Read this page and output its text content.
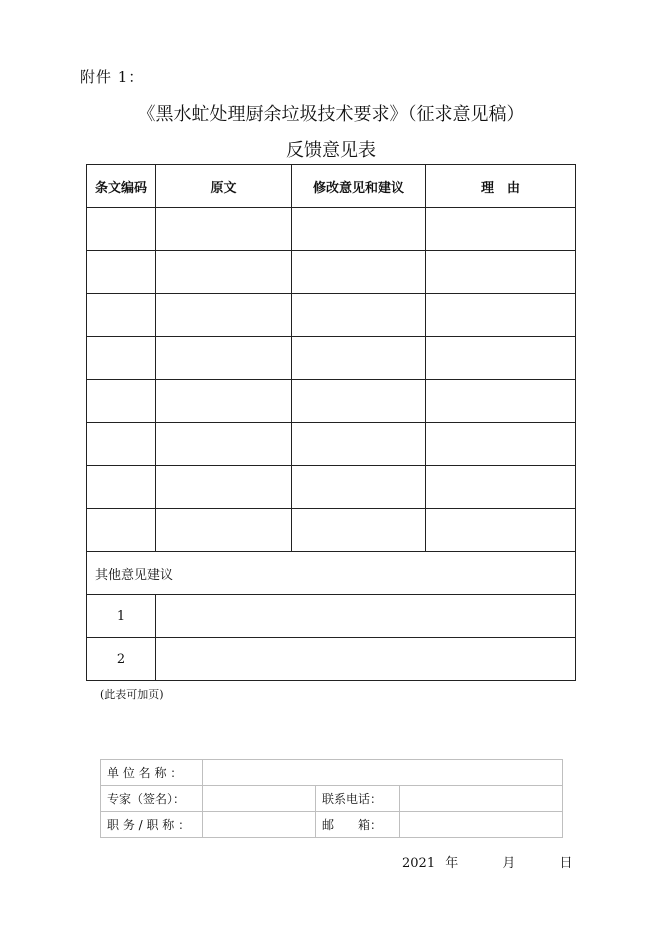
附件 1：
《黑水虻处理厨余垃圾技术要求》（征求意见稿）
反馈意见表
条文编码	原文	修改意见和建议	理　由

其他意见建议			
1			
2			
(此表可加页)
单 位 名 称 ：			
专家（签名）：		联系电话：	
职 务 / 职 称 ：		邮　　箱：	
2021 年	月	日
